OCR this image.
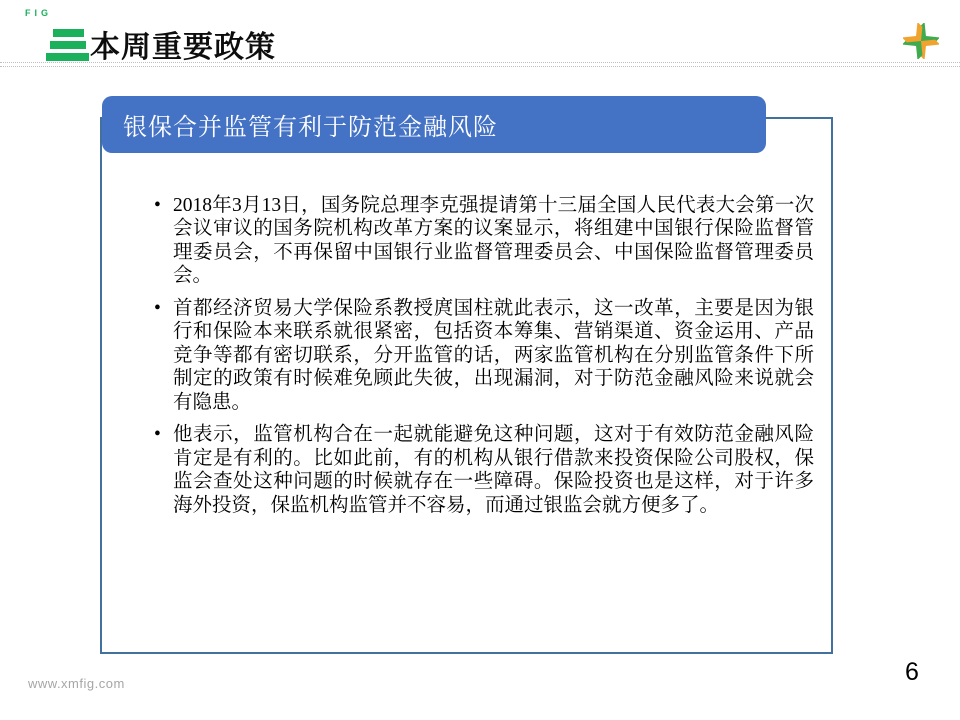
FIG
本周重要政策
银保合并监管有利于防范金融风险
• 2018年3月13日，国务院总理李克强提请第十三届全国人民代表大会第一次会议审议的国务院机构改革方案的议案显示，将组建中国银行保险监督管理委员会，不再保留中国银行业监督管理委员会、中国保险监督管理委员会。
• 首都经济贸易大学保险系教授庹国柱就此表示，这一改革，主要是因为银行和保险本来联系就很紧密，包括资本筹集、营销渠道、资金运用、产品竞争等都有密切联系，分开监管的话，两家监管机构在分别监管条件下所制定的政策有时候难免顾此失彼，出现漏洞，对于防范金融风险来说就会有隐患。
• 他表示，监管机构合在一起就能避免这种问题，这对于有效防范金融风险肯定是有利的。比如此前，有的机构从银行借款来投资保险公司股权，保监会查处这种问题的时候就存在一些障碍。保险投资也是这样，对于许多海外投资，保监机构监管并不容易，而通过银监会就方便多了。
www.xmfig.com	6
